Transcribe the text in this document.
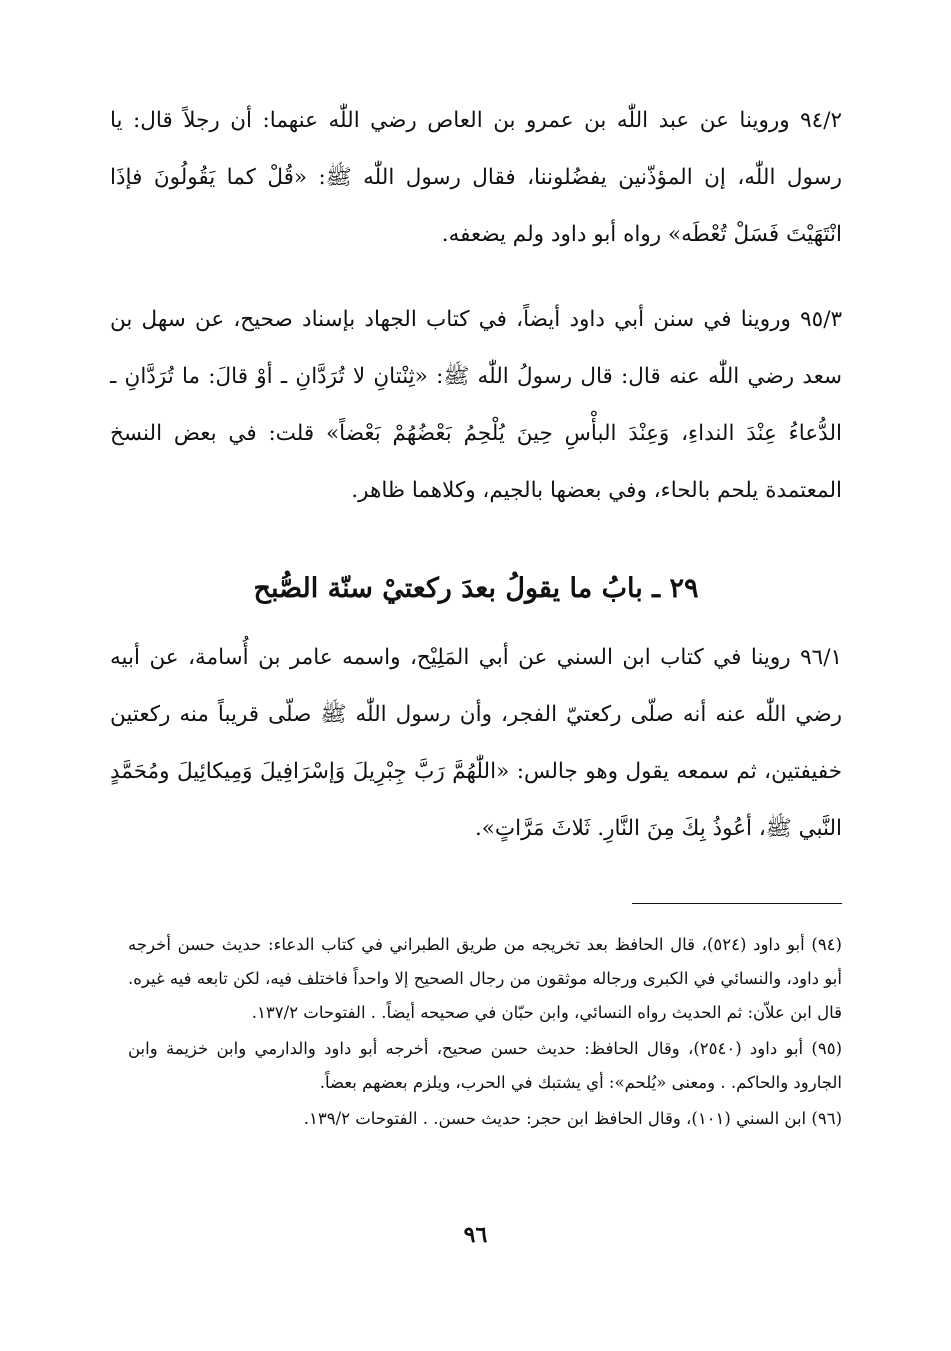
٩٤/٢ وروينا عن عبد اللّٰه بن عمرو بن العاص رضي اللّٰه عنهما: أن رجلاً قال: يا رسول اللّٰه، إن المؤذّنين يفضُلوننا، فقال رسول اللّٰه ﷺ: «قُلْ كما يَقُولُونَ فإذَا انْتَهَيْتَ فَسَلْ تُعْطَه» رواه أبو داود ولم يضعفه.

٩٥/٣ وروينا في سنن أبي داود أيضاً، في كتاب الجهاد بإسناد صحيح، عن سهل بن سعد رضي اللّٰه عنه قال: قال رسولُ اللّٰه ﷺ: «ثِنْتانِ لا تُرَدَّانِ ـ أوْ قالَ: ما تُرَدَّانِ ـ الدُّعاءُ عِنْدَ النداءِ، وَعِنْدَ البأْسِ حِينَ يُلْحِمُ بَعْضُهُمْ بَعْضاً» قلت: في بعض النسخ المعتمدة يلحم بالحاء، وفي بعضها بالجيم، وكلاهما ظاهر.

٢٩ ـ بابُ ما يقولُ بعدَ ركعتيْ سنّة الصُّبح

٩٦/١ روينا في كتاب ابن السني عن أبي المَلِيْح، واسمه عامر بن أُسامة، عن أبيه رضي اللّٰه عنه أنه صلّى ركعتيّ الفجر، وأن رسول اللّٰه ﷺ صلّى قريباً منه ركعتين خفيفتين، ثم سمعه يقول وهو جالس: «اللّٰهُمَّ رَبَّ جِبْرِيلَ وَإسْرَافِيلَ وَمِيكائِيلَ ومُحَمَّدٍ النَّبي ﷺ، أعُوذُ بِكَ مِنَ النَّارِ. ثَلاثَ مَرَّاتٍ».

(٩٤) أبو داود (٥٢٤)، قال الحافظ بعد تخريجه من طريق الطبراني في كتاب الدعاء: حديث حسن أخرجه أبو داود، والنسائي في الكبرى ورجاله موثقون من رجال الصحيح إلا واحداً فاختلف فيه، لكن تابعه فيه غيره. قال ابن علاّن: ثم الحديث رواه النسائي، وابن حبّان في صحيحه أيضاً. . الفتوحات ١٣٧/٢.

(٩٥) أبو داود (٢٥٤٠)، وقال الحافظ: حديث حسن صحيح، أخرجه أبو داود والدارمي وابن خزيمة وابن الجارود والحاكم. . ومعنى «يُلحم»: أي يشتبك في الحرب، ويلزم بعضهم بعضاً.

(٩٦) ابن السني (١٠١)، وقال الحافظ ابن حجر: حديث حسن. . الفتوحات ١٣٩/٢.

٩٦
